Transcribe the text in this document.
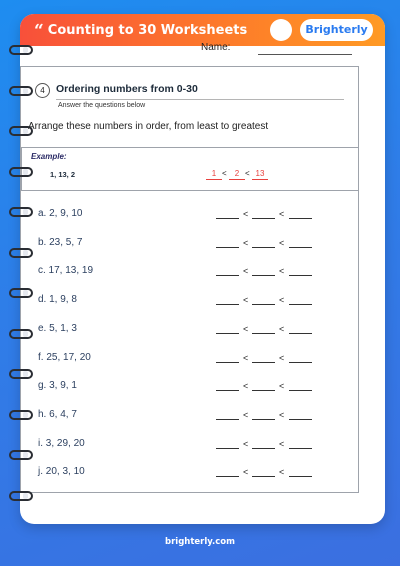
“ Counting to 30 Worksheets	Brighterly
Name:
4	Ordering numbers from 0-30
Answer the questions below
Arrange these numbers in order, from least to greatest
Example:
1, 13, 2	1 <	2 < 13
a. 2, 9, 10	<	<
b. 23, 5, 7	<	<
c. 17, 13, 19	<	<
d. 1, 9, 8	<	<
e. 5, 1, 3	<	<
f. 25, 17, 20	<	<
g. 3, 9, 1	<	<
h. 6, 4, 7	<	<
i. 3, 29, 20	<	<
j. 20, 3, 10	<	<
brighterly.com
